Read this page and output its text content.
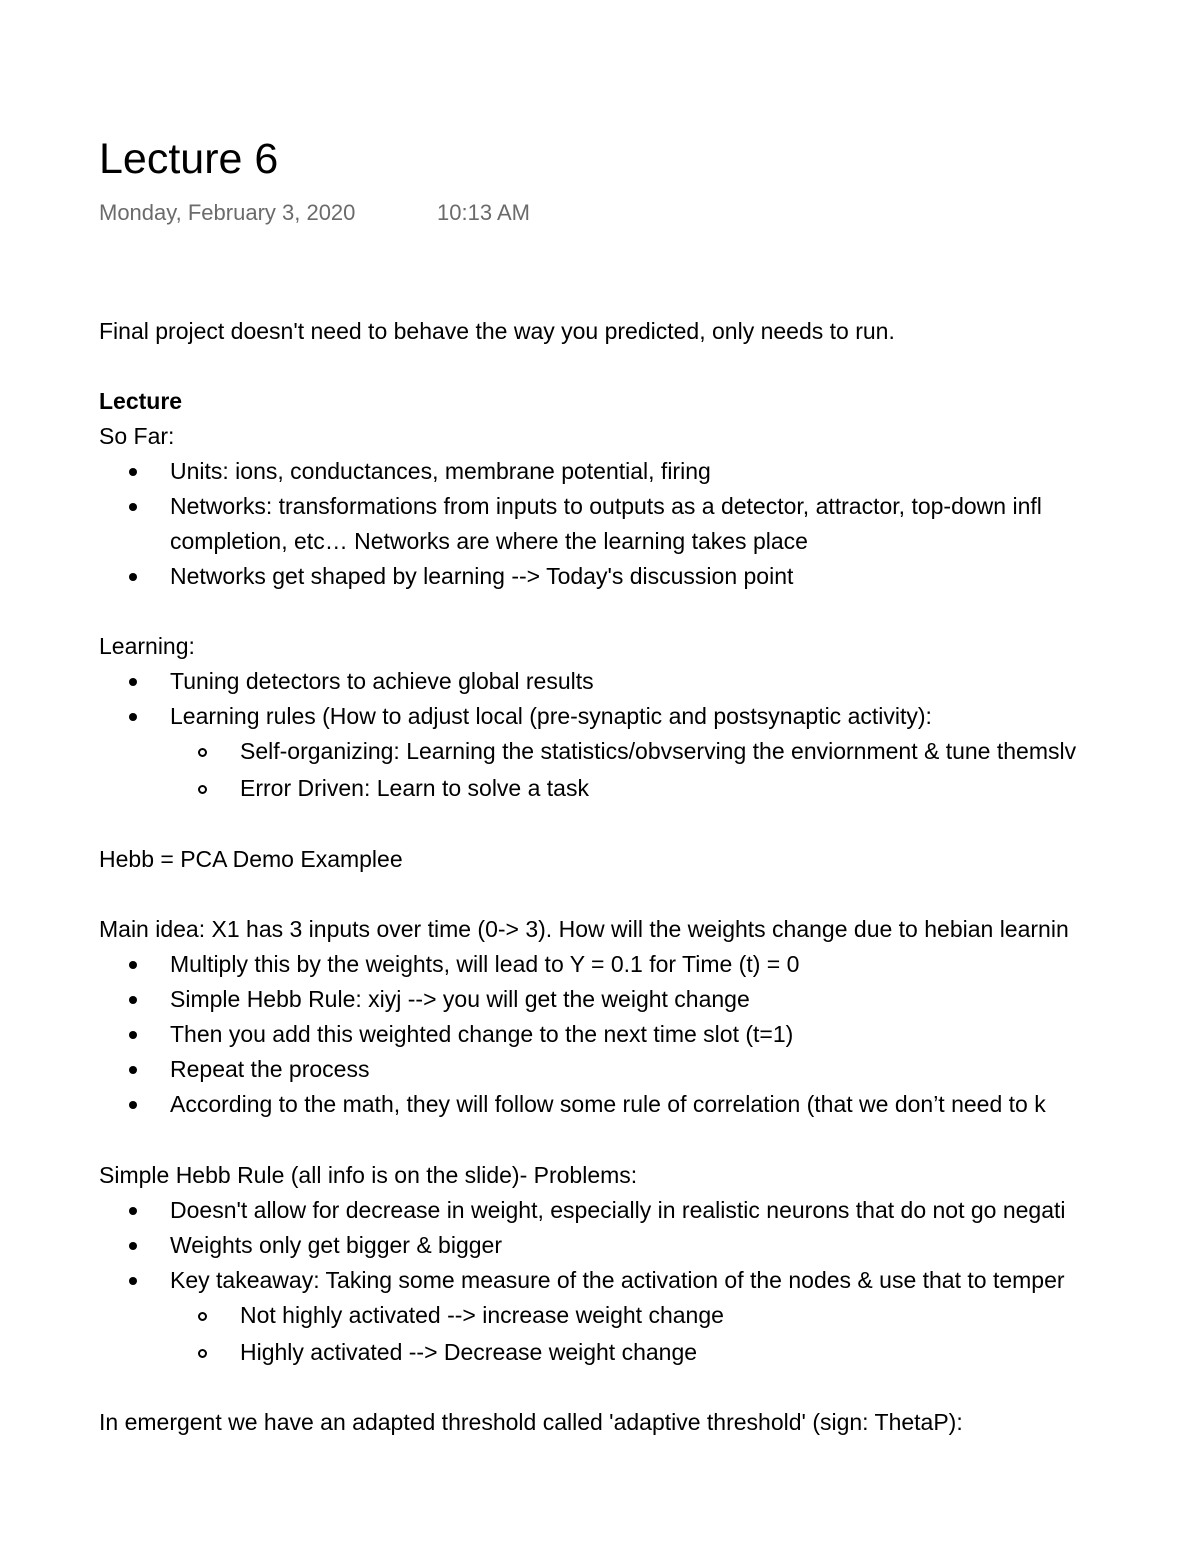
Lecture 6
Monday, February 3, 2020	10:13 AM
Final project doesn't need to behave the way you predicted, only needs to run.
Lecture
So Far:
Units: ions, conductances, membrane potential, firing
Networks: transformations from inputs to outputs as a detector, attractor, top-down infl
completion, etc… Networks are where the learning takes place
Networks get shaped by learning --> Today's discussion point
Learning:
Tuning detectors to achieve global results
Learning rules (How to adjust local (pre-synaptic and postsynaptic activity):
Self-organizing: Learning the statistics/obvserving the enviornment & tune themslv
Error Driven: Learn to solve a task
Hebb = PCA Demo Examplee
Main idea: X1 has 3 inputs over time (0-> 3). How will the weights change due to hebian learnin
Multiply this by the weights, will lead to Y = 0.1 for Time (t) = 0
Simple Hebb Rule: xiyj --> you will get the weight change
Then you add this weighted change to the next time slot (t=1)
Repeat the process
According to the math, they will follow some rule of correlation (that we don’t need to k
Simple Hebb Rule (all info is on the slide)- Problems:
Doesn't allow for decrease in weight, especially in realistic neurons that do not go negati
Weights only get bigger & bigger
Key takeaway: Taking some measure of the activation of the nodes & use that to temper
Not highly activated --> increase weight change
Highly activated --> Decrease weight change
In emergent we have an adapted threshold called 'adaptive threshold' (sign: ThetaP):
